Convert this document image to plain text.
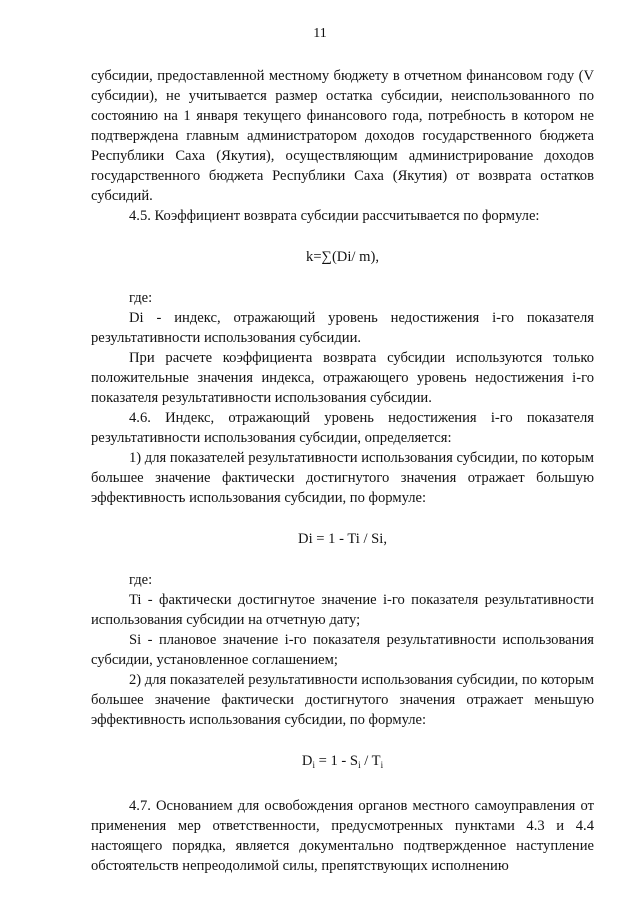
11

субсидии, предоставленной местному бюджету в отчетном финансовом году (V субсидии), не учитывается размер остатка субсидии, неиспользованного по состоянию на 1 января текущего финансового года, потребность в котором не подтверждена главным администратором доходов государственного бюджета Республики Саха (Якутия), осуществляющим администрирование доходов государственного бюджета Республики Саха (Якутия) от возврата остатков субсидий.

4.5. Коэффициент возврата субсидии рассчитывается по формуле:

k=∑(Di/ m),

где:

Di - индекс, отражающий уровень недостижения i-го показателя результативности использования субсидии.

При расчете коэффициента возврата субсидии используются только положительные значения индекса, отражающего уровень недостижения i-го показателя результативности использования субсидии.

4.6. Индекс, отражающий уровень недостижения i-го показателя результативности использования субсидии, определяется:

1) для показателей результативности использования субсидии, по которым большее значение фактически достигнутого значения отражает большую эффективность использования субсидии, по формуле:

Di = 1 - Ti / Si,

где:

Ti - фактически достигнутое значение i-го показателя результативности использования субсидии на отчетную дату;

Si - плановое значение i-го показателя результативности использования субсидии, установленное соглашением;

2) для показателей результативности использования субсидии, по которым большее значение фактически достигнутого значения отражает меньшую эффективность использования субсидии, по формуле:

$D_i = 1 - S_i / T_i$

4.7. Основанием для освобождения органов местного самоуправления от применения мер ответственности, предусмотренных пунктами 4.3 и 4.4 настоящего порядка, является документально подтвержденное наступление обстоятельств непреодолимой силы, препятствующих исполнению
